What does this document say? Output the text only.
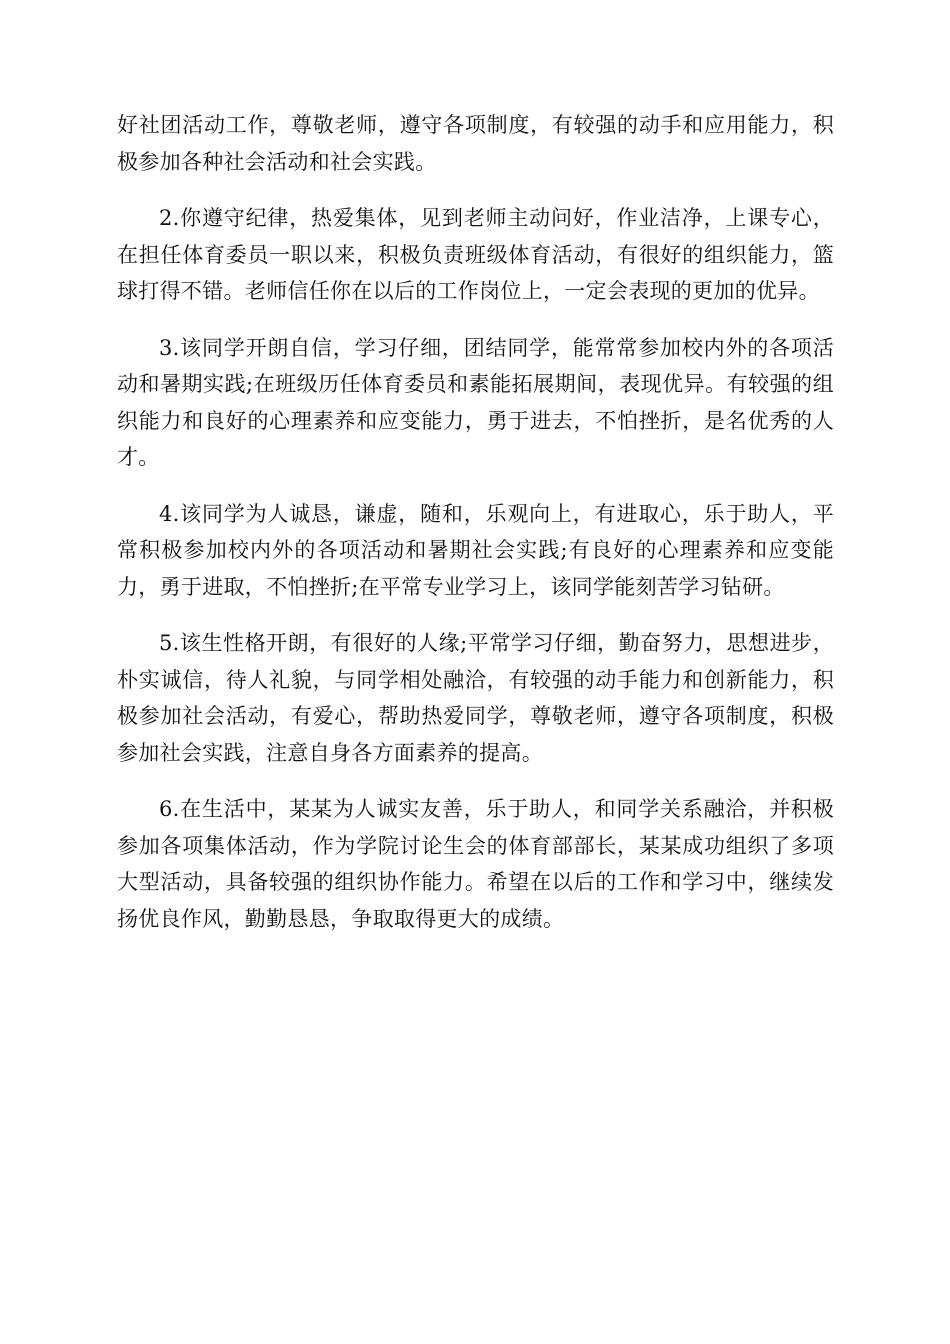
好社团活动工作，尊敬老师，遵守各项制度，有较强的动手和应用能力，积极参加各种社会活动和社会实践。

2.你遵守纪律，热爱集体，见到老师主动问好，作业洁净，上课专心，在担任体育委员一职以来，积极负责班级体育活动，有很好的组织能力，篮球打得不错。老师信任你在以后的工作岗位上，一定会表现的更加的优异。

3.该同学开朗自信，学习仔细，团结同学，能常常参加校内外的各项活动和暑期实践;在班级历任体育委员和素能拓展期间，表现优异。有较强的组织能力和良好的心理素养和应变能力，勇于进去，不怕挫折，是名优秀的人才。

4.该同学为人诚恳，谦虚，随和，乐观向上，有进取心，乐于助人，平常积极参加校内外的各项活动和暑期社会实践;有良好的心理素养和应变能力，勇于进取，不怕挫折;在平常专业学习上，该同学能刻苦学习钻研。

5.该生性格开朗，有很好的人缘;平常学习仔细，勤奋努力，思想进步，朴实诚信，待人礼貌，与同学相处融洽，有较强的动手能力和创新能力，积极参加社会活动，有爱心，帮助热爱同学，尊敬老师，遵守各项制度，积极参加社会实践，注意自身各方面素养的提高。

6.在生活中，某某为人诚实友善，乐于助人，和同学关系融洽，并积极参加各项集体活动，作为学院讨论生会的体育部部长，某某成功组织了多项大型活动，具备较强的组织协作能力。希望在以后的工作和学习中，继续发扬优良作风，勤勤恳恳，争取取得更大的成绩。
